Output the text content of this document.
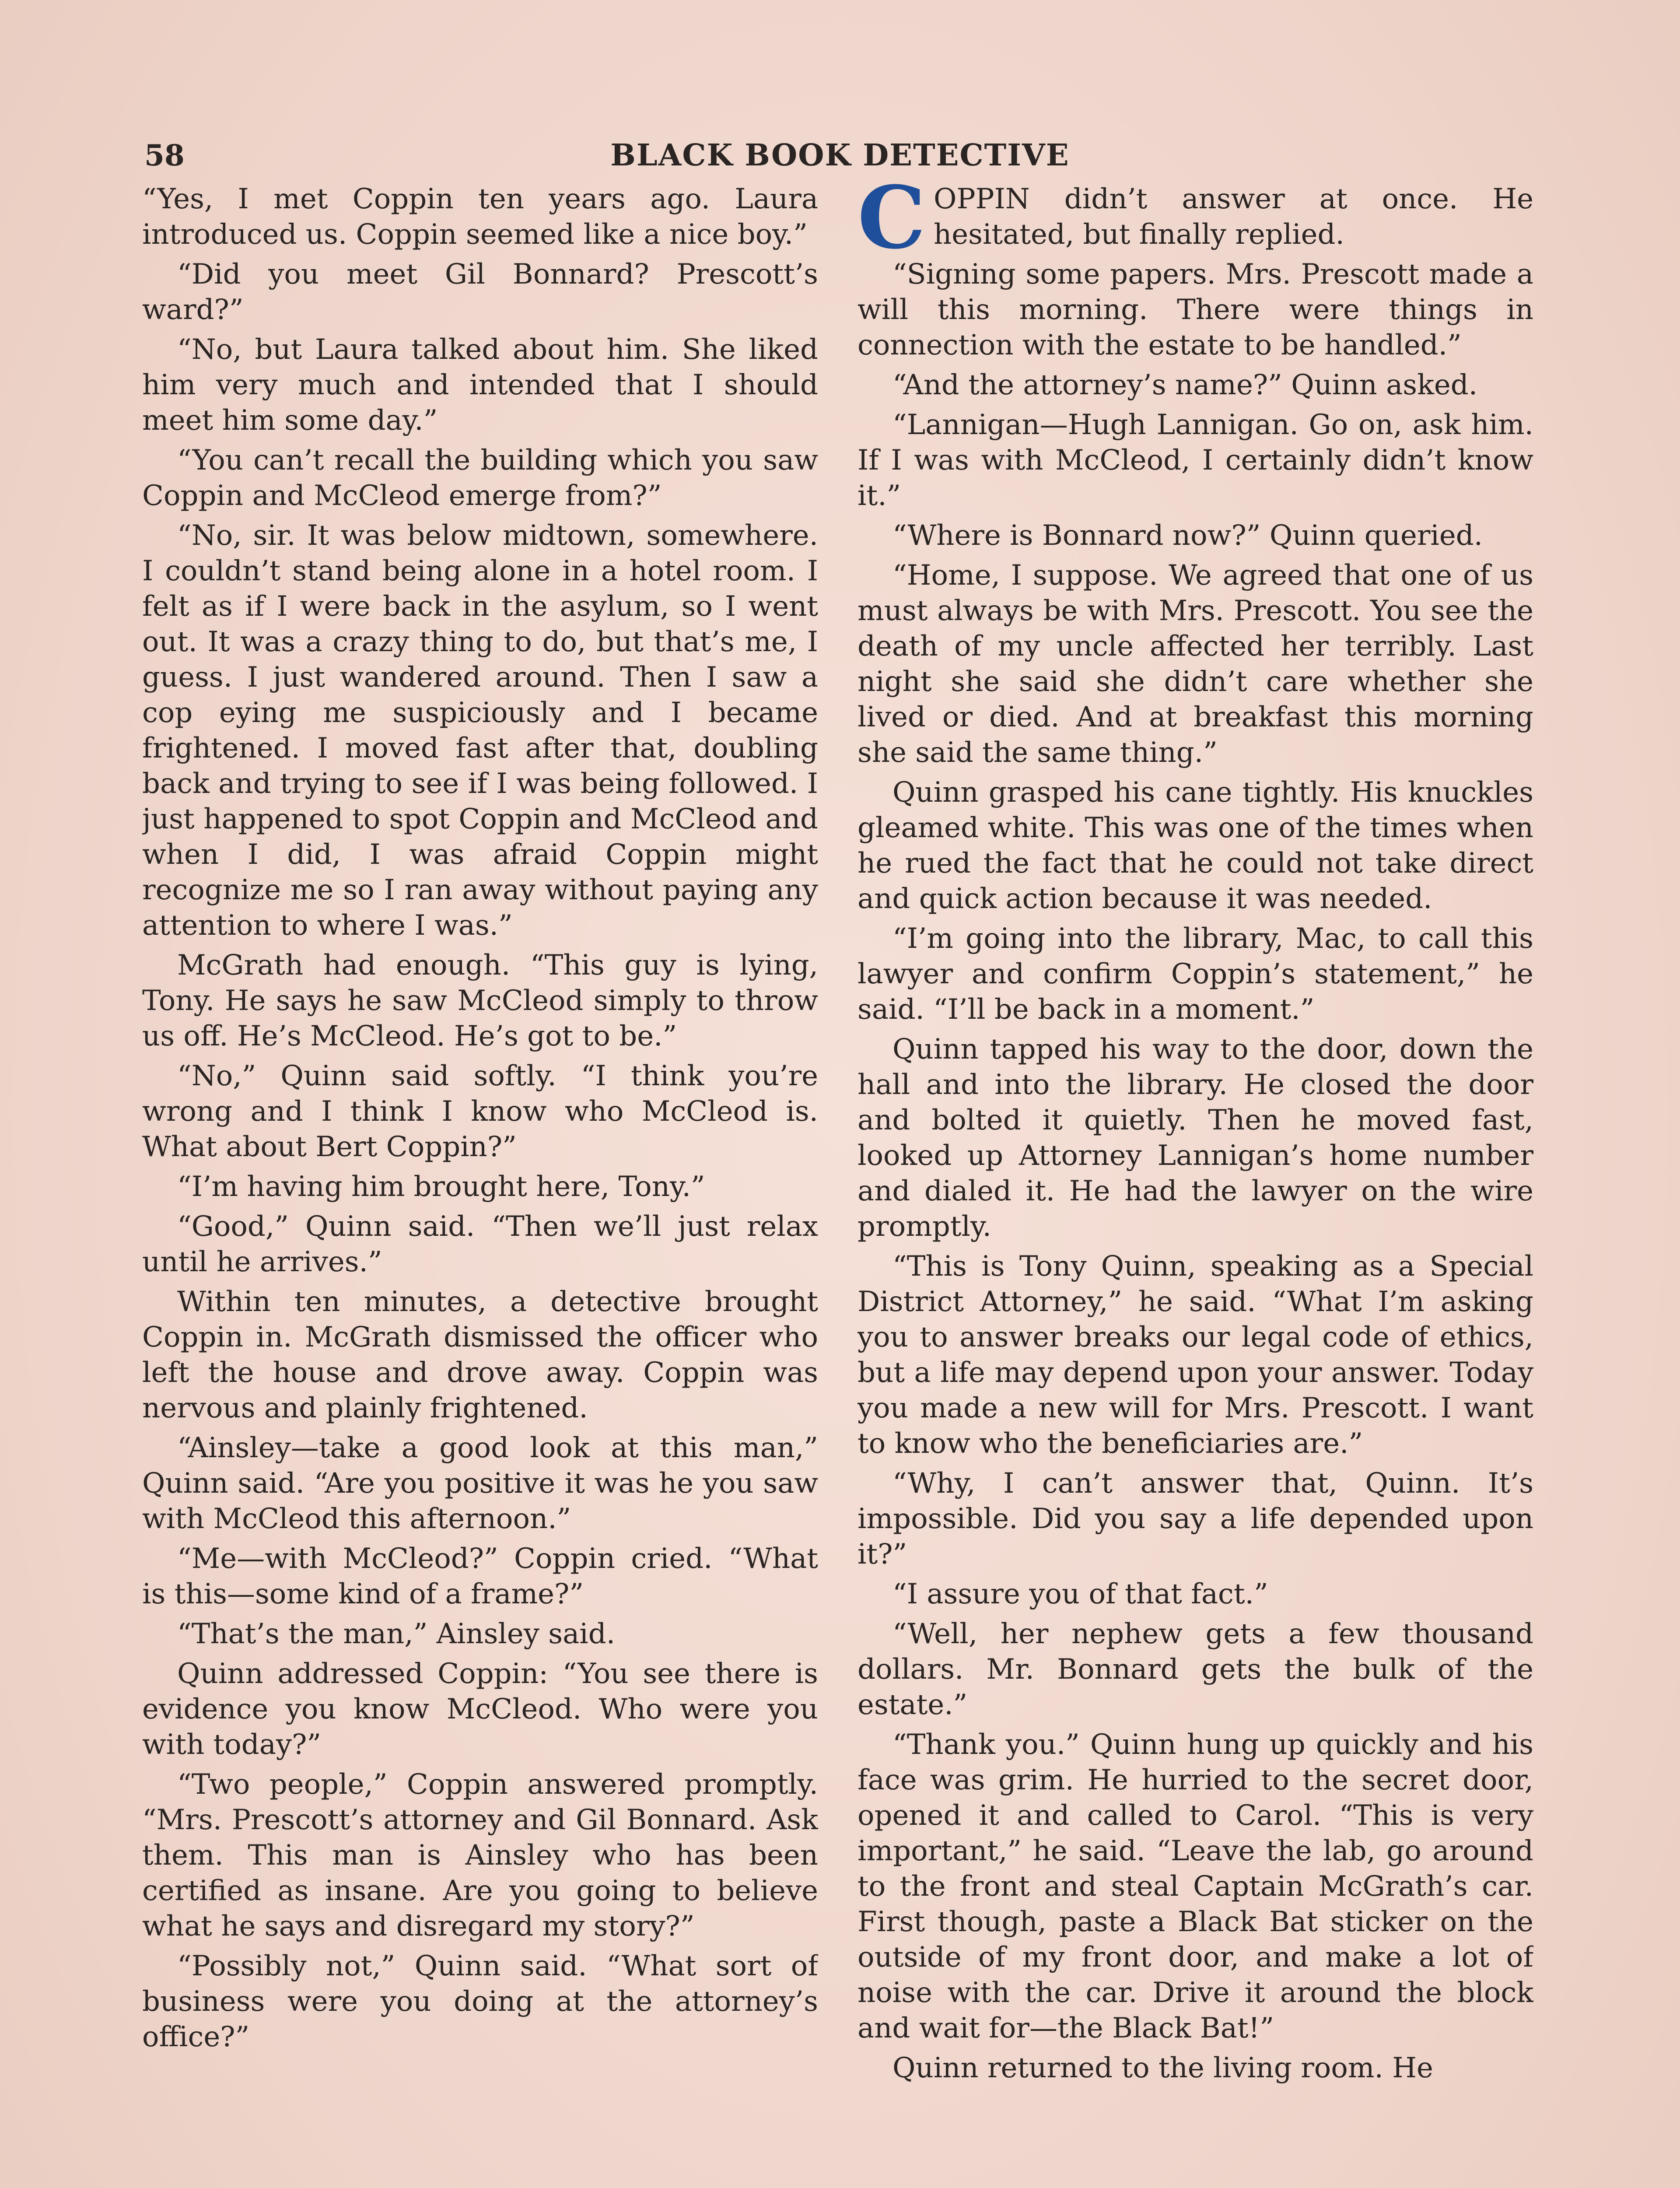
58	BLACK BOOK DETECTIVE

“Yes, I met Coppin ten years ago. Laura introduced us. Coppin seemed like a nice boy.”

“Did you meet Gil Bonnard? Prescott’s ward?”

“No, but Laura talked about him. She liked him very much and intended that I should meet him some day.”

“You can’t recall the building which you saw Coppin and McCleod emerge from?”

“No, sir. It was below midtown, somewhere. I couldn’t stand being alone in a hotel room. I felt as if I were back in the asylum, so I went out. It was a crazy thing to do, but that’s me, I guess. I just wandered around. Then I saw a cop eying me suspiciously and I became frightened. I moved fast after that, doubling back and trying to see if I was being followed. I just happened to spot Coppin and McCleod and when I did, I was afraid Coppin might recognize me so I ran away without paying any attention to where I was.”

McGrath had enough. “This guy is lying, Tony. He says he saw McCleod simply to throw us off. He’s McCleod. He’s got to be.”

“No,” Quinn said softly. “I think you’re wrong and I think I know who McCleod is. What about Bert Coppin?”

“I’m having him brought here, Tony.”

“Good,” Quinn said. “Then we’ll just relax until he arrives.”

Within ten minutes, a detective brought Coppin in. McGrath dismissed the officer who left the house and drove away. Coppin was nervous and plainly frightened.

“Ainsley—take a good look at this man,” Quinn said. “Are you positive it was he you saw with McCleod this afternoon.”

“Me—with McCleod?” Coppin cried. “What is this—some kind of a frame?”

“That’s the man,” Ainsley said.

Quinn addressed Coppin: “You see there is evidence you know McCleod. Who were you with today?”

“Two people,” Coppin answered promptly. “Mrs. Prescott’s attorney and Gil Bonnard. Ask them. This man is Ainsley who has been certified as insane. Are you going to believe what he says and disregard my story?”

“Possibly not,” Quinn said. “What sort of business were you doing at the attorney’s office?”

COPPIN didn’t answer at once. He hesitated, but finally replied.

“Signing some papers. Mrs. Prescott made a will this morning. There were things in connection with the estate to be handled.”

“And the attorney’s name?” Quinn asked.

“Lannigan—Hugh Lannigan. Go on, ask him. If I was with McCleod, I certainly didn’t know it.”

“Where is Bonnard now?” Quinn queried.

“Home, I suppose. We agreed that one of us must always be with Mrs. Prescott. You see the death of my uncle affected her terribly. Last night she said she didn’t care whether she lived or died. And at breakfast this morning she said the same thing.”

Quinn grasped his cane tightly. His knuckles gleamed white. This was one of the times when he rued the fact that he could not take direct and quick action because it was needed.

“I’m going into the library, Mac, to call this lawyer and confirm Coppin’s statement,” he said. “I’ll be back in a moment.”

Quinn tapped his way to the door, down the hall and into the library. He closed the door and bolted it quietly. Then he moved fast, looked up Attorney Lannigan’s home number and dialed it. He had the lawyer on the wire promptly.

“This is Tony Quinn, speaking as a Special District Attorney,” he said. “What I’m asking you to answer breaks our legal code of ethics, but a life may depend upon your answer. Today you made a new will for Mrs. Prescott. I want to know who the beneficiaries are.”

“Why, I can’t answer that, Quinn. It’s impossible. Did you say a life depended upon it?”

“I assure you of that fact.”

“Well, her nephew gets a few thousand dollars. Mr. Bonnard gets the bulk of the estate.”

“Thank you.” Quinn hung up quickly and his face was grim. He hurried to the secret door, opened it and called to Carol. “This is very important,” he said. “Leave the lab, go around to the front and steal Captain McGrath’s car. First though, paste a Black Bat sticker on the outside of my front door, and make a lot of noise with the car. Drive it around the block and wait for—the Black Bat!”

Quinn returned to the living room. He
